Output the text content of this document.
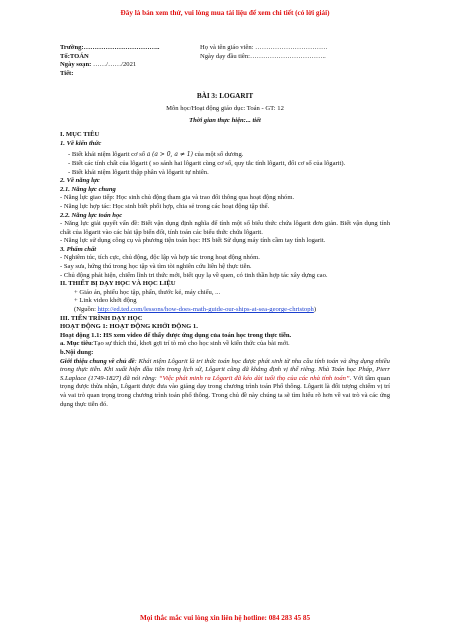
Đây là bản xem thử, vui lòng mua tài liệu để xem chi tiết (có lời giải)
Trường:……………………………..	Họ và tên giáo viên: ……………………………
Tổ:TOÁN	Ngày dạy đầu tiên:……………………………..
Ngày soạn: ……/……/2021
Tiết:
BÀI 3: LOGARIT
Môn học/Hoạt động giáo dục: Toán - GT: 12
Thời gian thực hiện:... tiết
I. MỤC TIÊU
1. Về kiến thức
- Biết khái niệm lôgarit cơ số a (a > 0, a ≠ 1) của một số dương.
- Biết các tính chất của lôgarit ( so sánh hai lôgarit cùng cơ số, quy tắc tính lôgarit, đổi cơ số của lôgarit).
- Biết khái niệm lôgarit thập phân và lôgarit tự nhiên.
2. Về năng lực
2.1. Năng lực chung
- Năng lực giao tiếp: Học sinh chủ động tham gia và trao đổi thông qua hoạt động nhóm.
- Năng lực hợp tác: Học sinh biết phối hợp, chia sẻ trong các hoạt động tập thể.
2.2. Năng lực toán học
- Năng lực giải quyết vấn đề: Biết vận dụng định nghĩa để tính một số biểu thức chứa lôgarit đơn giản. Biết vận dụng tính chất của lôgarit vào các bài tập biến đổi, tính toán các biểu thức chứa lôgarit.
- Năng lực sử dụng công cụ và phương tiện toán học: HS biết Sử dụng máy tính cầm tay tính logarit.
3. Phẩm chất
- Nghiêm túc, tích cực, chủ động, độc lập và hợp tác trong hoạt động nhóm.
- Say sưa, hứng thú trong học tập và tìm tòi nghiên cứu liên hệ thực tiễn.
- Chủ động phát hiện, chiếm lĩnh tri thức mới, biết quy lạ về quen, có tinh thần hợp tác xây dựng cao.
II. THIẾT BỊ DẠY HỌC VÀ HỌC LIỆU
+ Giáo án, phiếu học tập, phấn, thước kẻ, máy chiếu, ...
+ Link video khởi động
(Nguồn: http://ed.ted.com/lessons/how-does-math-guide-our-ships-at-sea-george-christoph)
III. TIẾN TRÌNH DẠY HỌC
HOẠT ĐỘNG 1: HOẠT ĐỘNG KHỞI ĐỘNG 1.
Hoạt động 1.1: HS xem video để thấy được ứng dụng của toán học trong thực tiễn.
a. Mục tiêu:Tạo sự thích thú, khơi gợi trí tò mò cho học sinh về kiến thức của bài mới.
b.Nội dung:
Giới thiệu chung về chủ đề: Khái niệm Lôgarit là tri thức toán học được phát sinh từ nhu cầu tính toán và ứng dụng nhiều trong thực tiễn. Khi xuất hiện đầu tiên trong lịch sử, Lôgarit cũng đã khẳng định vị thế riêng. Nhà Toán học Pháp, Pierr S.Laplace (1749-1827) đã nói rằng: “Việc phát minh ra Lôgarit đã kéo dài tuổi thọ của các nhà tính toán”. Với tầm quan trọng được thừa nhận, Lôgarit được đưa vào giảng dạy trong chương trình toán Phổ thông. Lôgarit là đối tượng chiếm vị trí và vai trò quan trọng trong chương trình toán phổ thông. Trong chủ đề này chúng ta sẽ tìm hiểu rõ hơn về vai trò và các ứng dụng thực tiễn đó.
Mọi thắc mắc vui lòng xin liên hệ hotline: 084 283 45 85
